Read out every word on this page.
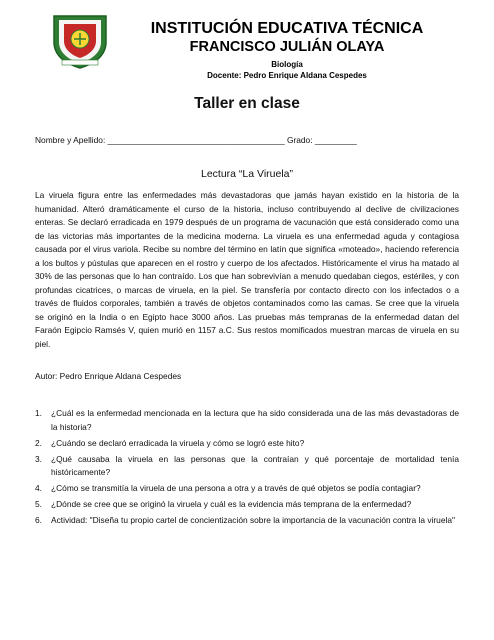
INSTITUCIÓN EDUCATIVA TÉCNICA
FRANCISCO JULIÁN OLAYA
Biología
Docente: Pedro Enrique Aldana Cespedes
Taller en clase
Nombre y Apellido: ______________________________________ Grado: _________
Lectura “La Viruela”
La viruela figura entre las enfermedades más devastadoras que jamás hayan existido en la historia de la humanidad. Alteró dramáticamente el curso de la historia, incluso contribuyendo al declive de civilizaciones enteras. Se declaró erradicada en 1979 después de un programa de vacunación que está considerado como una de las victorias más importantes de la medicina moderna. La viruela es una enfermedad aguda y contagiosa causada por el virus variola. Recibe su nombre del término en latín que significa «moteado», haciendo referencia a los bultos y pústulas que aparecen en el rostro y cuerpo de los afectados. Históricamente el virus ha matado al 30% de las personas que lo han contraído. Los que han sobrevivían a menudo quedaban ciegos, estériles, y con profundas cicatrices, o marcas de viruela, en la piel. Se transfería por contacto directo con los infectados o a través de fluidos corporales, también a través de objetos contaminados como las camas. Se cree que la viruela se originó en la India o en Egipto hace 3000 años. Las pruebas más tempranas de la enfermedad datan del Faraón Egipcio Ramsés V, quien murió en 1157 a.C. Sus restos momificados muestran marcas de viruela en su piel.
Autor: Pedro Enrique Aldana Cespedes
1. ¿Cuál es la enfermedad mencionada en la lectura que ha sido considerada una de las más devastadoras de la historia?
2. ¿Cuándo se declaró erradicada la viruela y cómo se logró este hito?
3. ¿Qué causaba la viruela en las personas que la contraían y qué porcentaje de mortalidad tenía históricamente?
4. ¿Cómo se transmitía la viruela de una persona a otra y a través de qué objetos se podía contagiar?
5. ¿Dónde se cree que se originó la viruela y cuál es la evidencia más temprana de la enfermedad?
6. Actividad: "Diseña tu propio cartel de concientización sobre la importancia de la vacunación contra la viruela"
